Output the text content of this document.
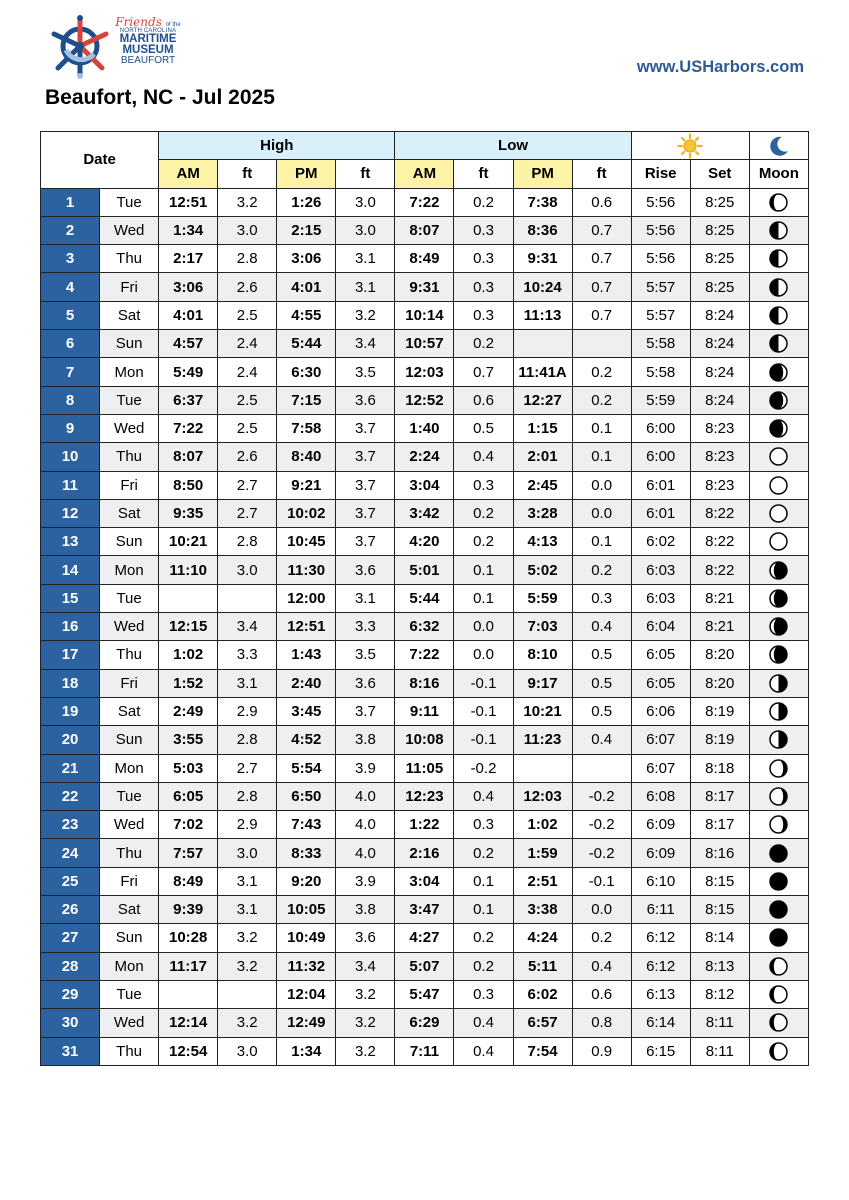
Friends of the
NORTH CAROLINA
MARITIME
MUSEUM
BEAUFORT	www.USHarbors.com
Beaufort, NC - Jul 2025
Date		High				Low		
		AM	ft	PM	ft	AM	ft	PM	ft	Rise	Set	Moon
1	Tue	12:51	3.2	1:26	3.0	7:22	0.2	7:38	0.6	5:56	8:25	
2	Wed	1:34	3.0	2:15	3.0	8:07	0.3	8:36	0.7	5:56	8:25	
3	Thu	2:17	2.8	3:06	3.1	8:49	0.3	9:31	0.7	5:56	8:25	
4	Fri	3:06	2.6	4:01	3.1	9:31	0.3	10:24	0.7	5:57	8:25	
5	Sat	4:01	2.5	4:55	3.2	10:14	0.3	11:13	0.7	5:57	8:24	
6	Sun	4:57	2.4	5:44	3.4	10:57	0.2			5:58	8:24	
7	Mon	5:49	2.4	6:30	3.5	12:03	0.7	11:41A	0.2	5:58	8:24	
8	Tue	6:37	2.5	7:15	3.6	12:52	0.6	12:27	0.2	5:59	8:24	
9	Wed	7:22	2.5	7:58	3.7	1:40	0.5	1:15	0.1	6:00	8:23	
10	Thu	8:07	2.6	8:40	3.7	2:24	0.4	2:01	0.1	6:00	8:23	
11	Fri	8:50	2.7	9:21	3.7	3:04	0.3	2:45	0.0	6:01	8:23	
12	Sat	9:35	2.7	10:02	3.7	3:42	0.2	3:28	0.0	6:01	8:22	
13	Sun	10:21	2.8	10:45	3.7	4:20	0.2	4:13	0.1	6:02	8:22	
14	Mon	11:10	3.0	11:30	3.6	5:01	0.1	5:02	0.2	6:03	8:22	
15	Tue			12:00	3.1	5:44	0.1	5:59	0.3	6:03	8:21	
16	Wed	12:15	3.4	12:51	3.3	6:32	0.0	7:03	0.4	6:04	8:21	
17	Thu	1:02	3.3	1:43	3.5	7:22	0.0	8:10	0.5	6:05	8:20	
18	Fri	1:52	3.1	2:40	3.6	8:16	-0.1	9:17	0.5	6:05	8:20	
19	Sat	2:49	2.9	3:45	3.7	9:11	-0.1	10:21	0.5	6:06	8:19	
20	Sun	3:55	2.8	4:52	3.8	10:08	-0.1	11:23	0.4	6:07	8:19	
21	Mon	5:03	2.7	5:54	3.9	11:05	-0.2			6:07	8:18	
22	Tue	6:05	2.8	6:50	4.0	12:23	0.4	12:03	-0.2	6:08	8:17	
23	Wed	7:02	2.9	7:43	4.0	1:22	0.3	1:02	-0.2	6:09	8:17	
24	Thu	7:57	3.0	8:33	4.0	2:16	0.2	1:59	-0.2	6:09	8:16	
25	Fri	8:49	3.1	9:20	3.9	3:04	0.1	2:51	-0.1	6:10	8:15	
26	Sat	9:39	3.1	10:05	3.8	3:47	0.1	3:38	0.0	6:11	8:15	
27	Sun	10:28	3.2	10:49	3.6	4:27	0.2	4:24	0.2	6:12	8:14	
28	Mon	11:17	3.2	11:32	3.4	5:07	0.2	5:11	0.4	6:12	8:13	
29	Tue			12:04	3.2	5:47	0.3	6:02	0.6	6:13	8:12	
30	Wed	12:14	3.2	12:49	3.2	6:29	0.4	6:57	0.8	6:14	8:11	
31	Thu	12:54	3.0	1:34	3.2	7:11	0.4	7:54	0.9	6:15	8:11	
